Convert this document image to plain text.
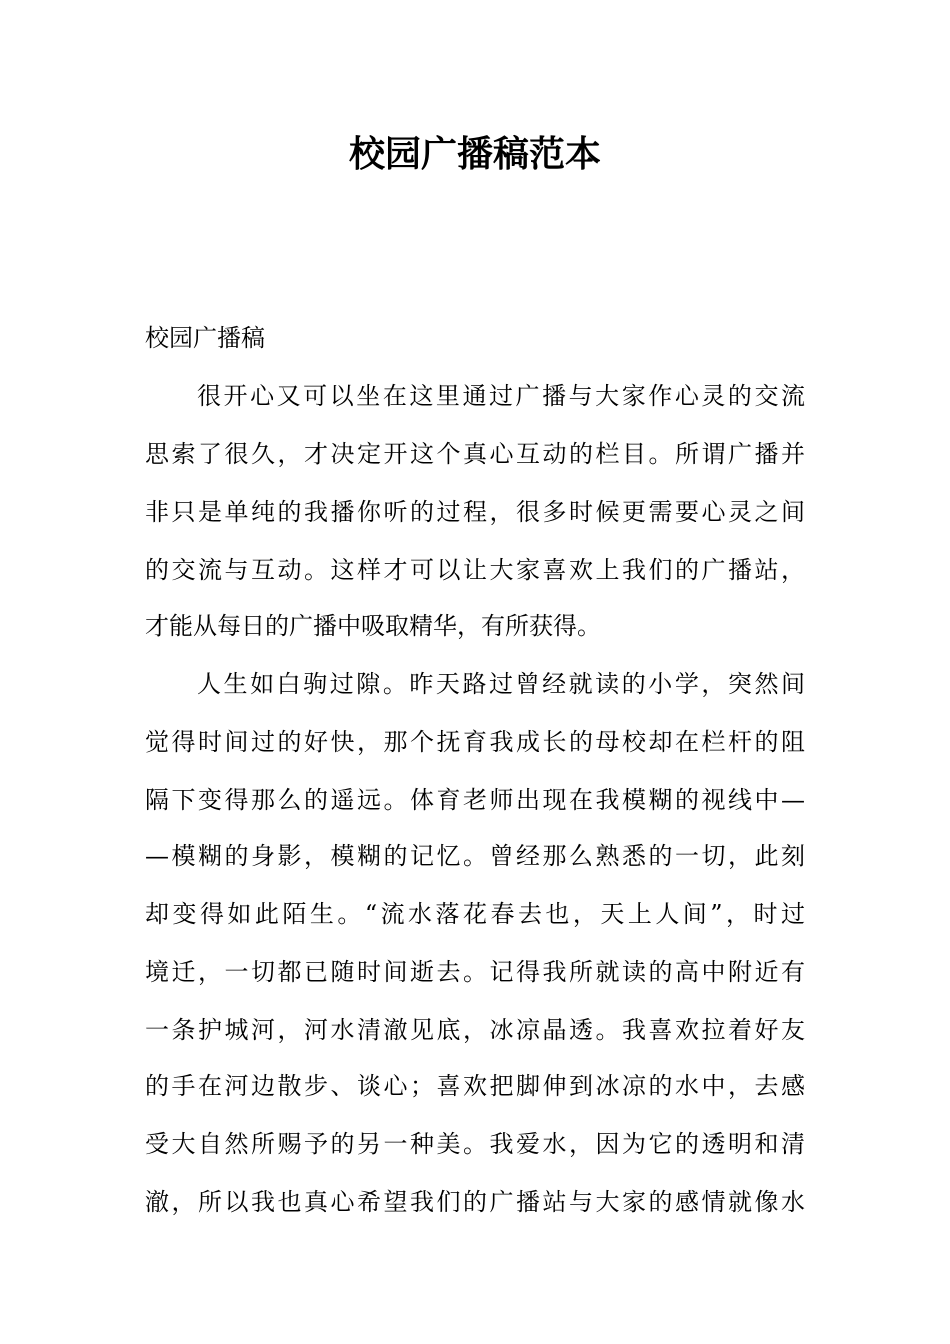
校园广播稿范本

校园广播稿

很开心又可以坐在这里通过广播与大家作心灵的交流

思索了很久，才决定开这个真心互动的栏目。所谓广播并

非只是单纯的我播你听的过程，很多时候更需要心灵之间

的交流与互动。这样才可以让大家喜欢上我们的广播站，

才能从每日的广播中吸取精华，有所获得。

人生如白驹过隙。昨天路过曾经就读的小学，突然间

觉得时间过的好快，那个抚育我成长的母校却在栏杆的阻

隔下变得那么的遥远。体育老师出现在我模糊的视线中—

—模糊的身影，模糊的记忆。曾经那么熟悉的一切，此刻

却变得如此陌生。“流水落花春去也，天上人间”，时过

境迁，一切都已随时间逝去。记得我所就读的高中附近有

一条护城河，河水清澈见底，冰凉晶透。我喜欢拉着好友

的手在河边散步、谈心；喜欢把脚伸到冰凉的水中，去感

受大自然所赐予的另一种美。我爱水，因为它的透明和清

澈，所以我也真心希望我们的广播站与大家的感情就像水
